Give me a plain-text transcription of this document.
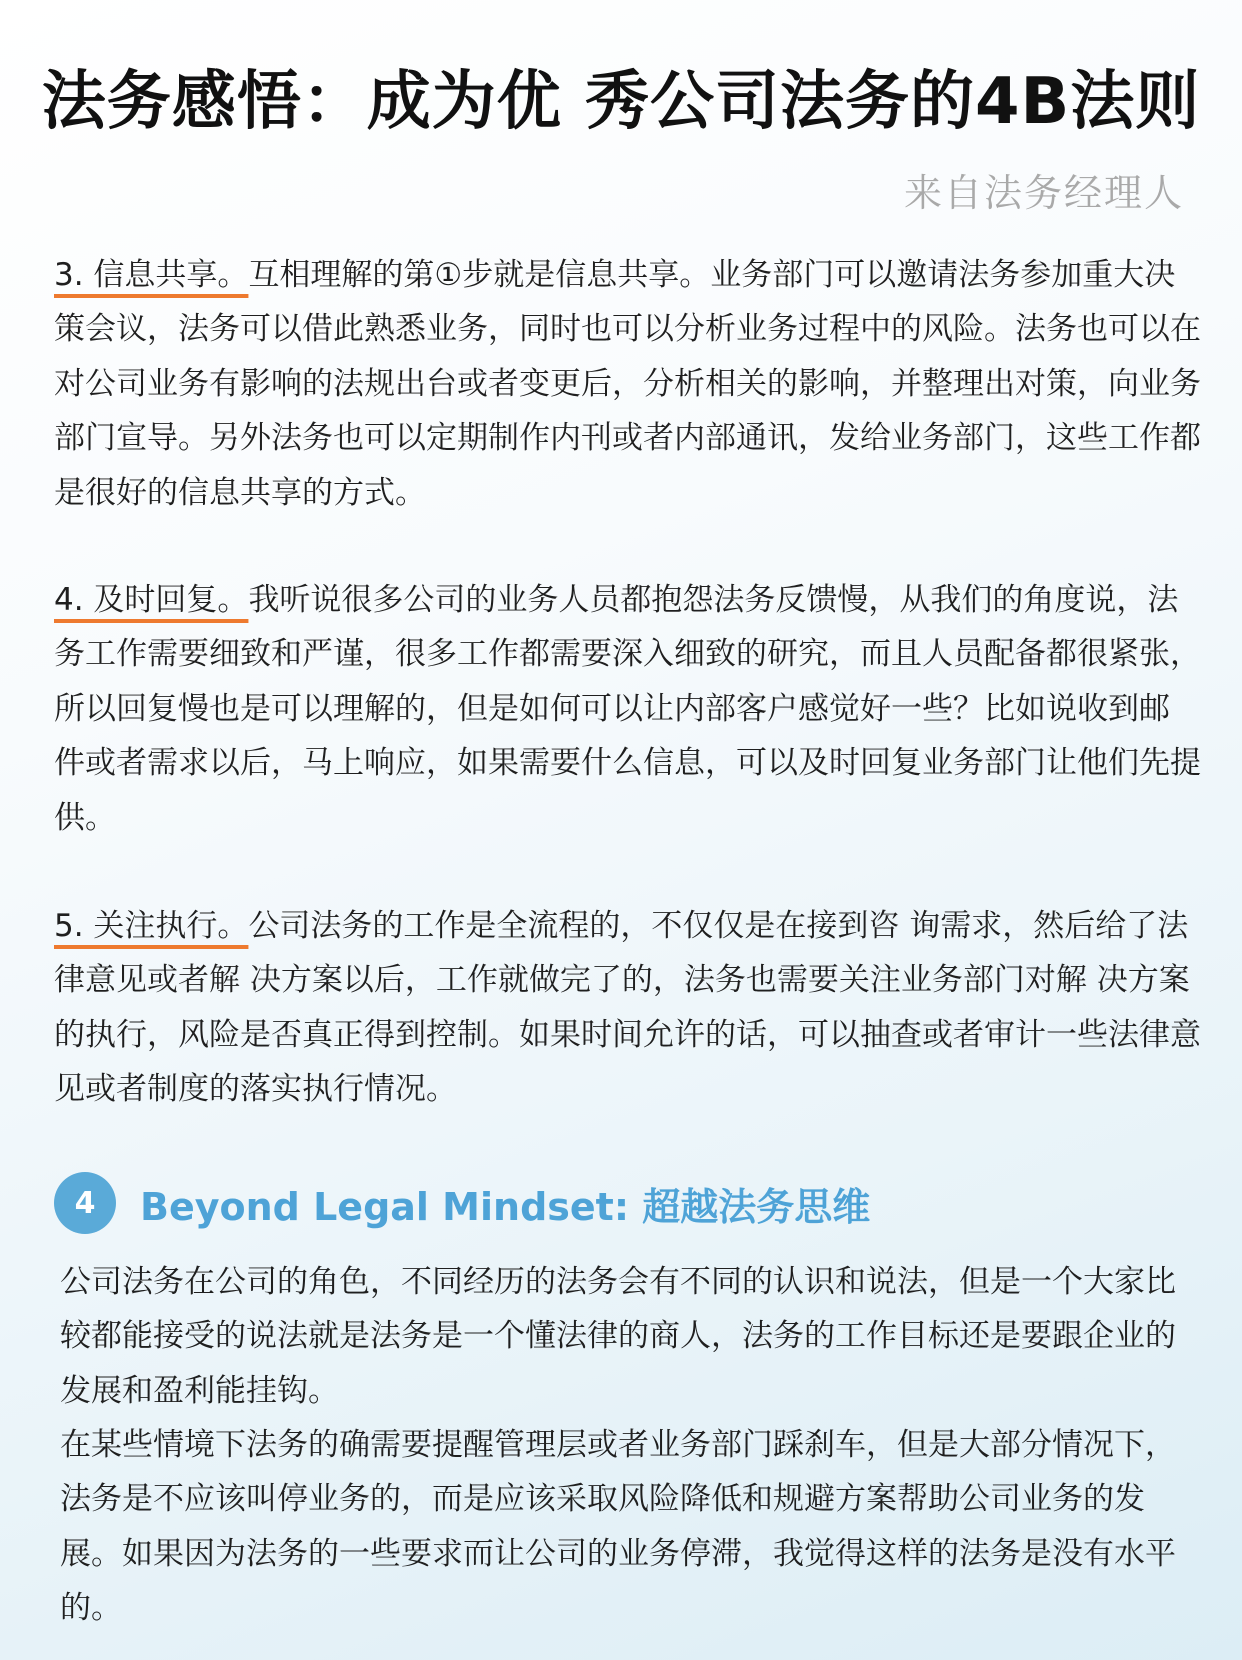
法务感悟：成为优 秀公司法务的4B法则
来自法务经理人

3. 信息共享。互相理解的第①步就是信息共享。业务部门可以邀请法务参加重大决策会议，法务可以借此熟悉业务，同时也可以分析业务过程中的风险。法务也可以在对公司业务有影响的法规出台或者变更后，分析相关的影响，并整理出对策，向业务部门宣导。另外法务也可以定期制作内刊或者内部通讯，发给业务部门，这些工作都是很好的信息共享的方式。

4. 及时回复。我听说很多公司的业务人员都抱怨法务反馈慢，从我们的角度说，法务工作需要细致和严谨，很多工作都需要深入细致的研究，而且人员配备都很紧张，所以回复慢也是可以理解的，但是如何可以让内部客户感觉好一些？比如说收到邮 件或者需求以后，马上响应，如果需要什么信息，可以及时回复业务部门让他们先提供。

5. 关注执行。公司法务的工作是全流程的，不仅仅是在接到咨 询需求，然后给了法律意见或者解 决方案以后，工作就做完了的，法务也需要关注业务部门对解 决方案的执行，风险是否真正得到控制。如果时间允许的话，可以抽查或者审计一些法律意见或者制度的落实执行情况。

4	Beyond Legal Mindset: 超越法务思维

公司法务在公司的角色，不同经历的法务会有不同的认识和说法，但是一个大家比较都能接受的说法就是法务是一个懂法律的商人，法务的工作目标还是要跟企业的发展和盈利能挂钩。

在某些情境下法务的确需要提醒管理层或者业务部门踩刹车，但是大部分情况下，法务是不应该叫停业务的，而是应该采取风险降低和规避方案帮助公司业务的发展。如果因为法务的一些要求而让公司的业务停滞，我觉得这样的法务是没有水平的。
